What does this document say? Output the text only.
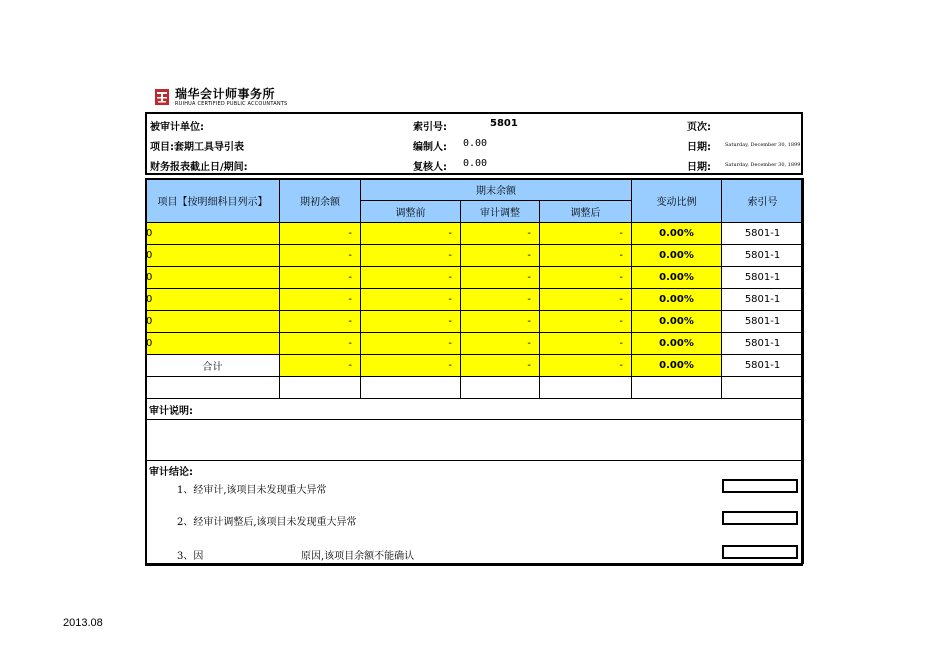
瑞华会计师事务所
RUIHUA CERTIFIED PUBLIC ACCOUNTANTS
被审计单位:	索引号:	5801	页次:
项目:套期工具导引表	编制人: 0.00	日期:	Saturday, December 30, 1899
财务报表截止日/期间:	复核人: 0.00	日期:	Saturday, December 30, 1899
项目【按明细科目列示】	期初余额	期末余额			变动比例	索引号
		调整前	审计调整	调整后		
0	-	-	-	-	0.00%	5801-1
0	-	-	-	-	0.00%	5801-1
0	-	-	-	-	0.00%	5801-1
0	-	-	-	-	0.00%	5801-1
0	-	-	-	-	0.00%	5801-1
0	-	-	-	-	0.00%	5801-1
合计	-	-	-	-	0.00%	5801-1

审计说明:						

审计结论:
1、经审计,该项目未发现重大异常
2、经审计调整后,该项目未发现重大异常
3、因 原因,该项目余额不能确认						
2013.08
